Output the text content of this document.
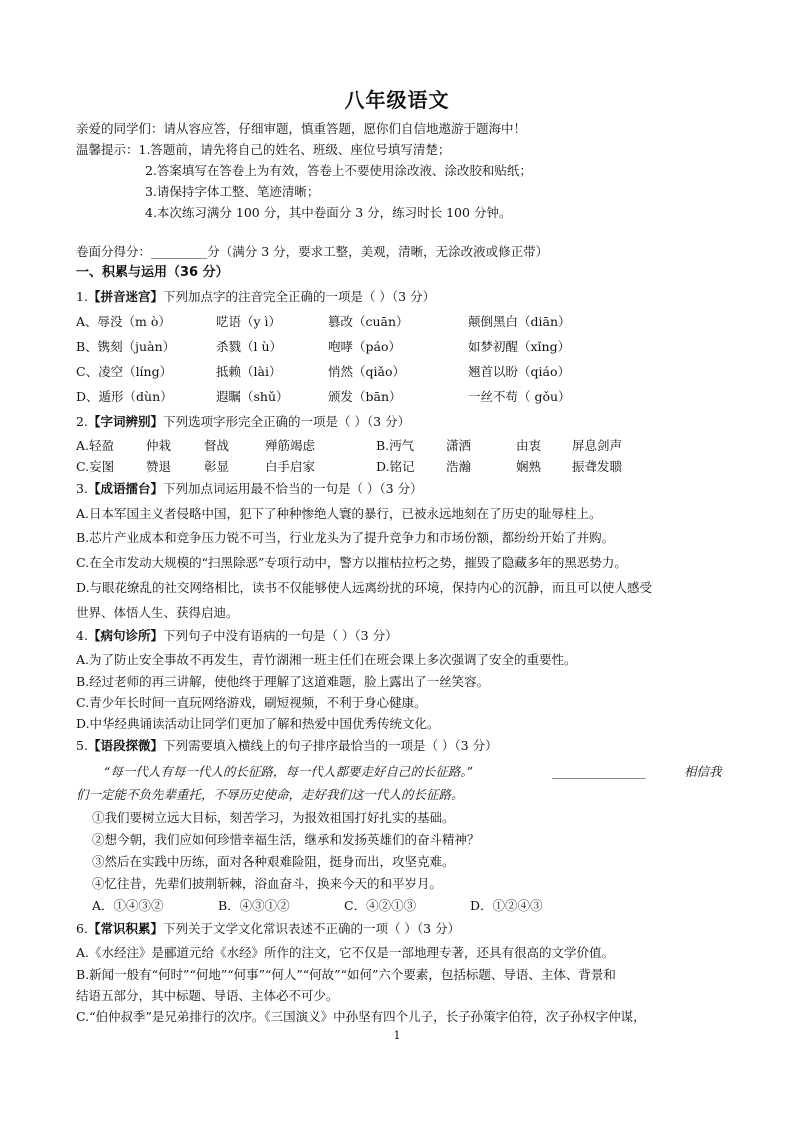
八年级语文
亲爱的同学们：请从容应答，仔细审题，慎重答题，愿你们自信地遨游于题海中！
温馨提示：1.答题前，请先将自己的姓名、班级、座位号填写清楚；
2.答案填写在答卷上为有效，答卷上不要使用涂改液、涂改胶和贴纸；
3.请保持字体工整、笔迹清晰；
4.本次练习满分 100 分，其中卷面分 3 分，练习时长 100 分钟。
卷面分得分：_________分（满分 3 分，要求工整，美观，清晰，无涂改液或修正带）
一、积累与运用（36 分）
1.【拼音迷宫】下列加点字的注音完全正确的一项是（ ）（3 分）
A、辱没（m ò）	呓语（y ì）	篡改（cuān）	颠倒黑白（diān）
B、镌刻（juàn）	杀戮（l ù）	咆哮（páo）	如梦初醒（xǐng）
C、凌空（líng）	抵赖（lài）	悄然（qiǎo）	翘首以盼（qiáo）
D、遁形（dùn）	遐瞩（shǔ）	颁发（bān）	一丝不苟（ gǒu）
2.【字词辨别】下列选项字形完全正确的一项是（ ）（3 分）
A.轻盈	仲栽	督战	殚筋竭虑	B.沔气	潇洒	由衷 屏息剑声
C.妄图	赞退	彰显	白手启家	D.铭记	浩瀚	娴熟 振聋发聩
3.【成语擂台】下列加点词运用最不恰当的一句是（ ）（3 分）
A.日本军国主义者侵略中国，犯下了种种惨绝人寰的暴行，已被永远地刻在了历史的耻辱柱上。
B.芯片产业成本和竞争压力锐不可当，行业龙头为了提升竞争力和市场份额，都纷纷开始了并购。
C.在全市发动大规模的“扫黑除恶”专项行动中，警方以摧枯拉朽之势，摧毁了隐藏多年的黑恶势力。
D.与眼花缭乱的社交网络相比，读书不仅能够使人远离纷扰的环境，保持内心的沉静，而且可以使人感受
世界、体悟人生、获得启迪。
4.【病句诊所】下列句子中没有语病的一句是（ ）（3 分）
A.为了防止安全事故不再发生，青竹湖湘一班主任们在班会课上多次强调了安全的重要性。
B.经过老师的再三讲解，使他终于理解了这道难题，脸上露出了一丝笑容。
C.青少年长时间一直玩网络游戏，刷短视频，不利于身心健康。
D.中华经典诵读活动让同学们更加了解和热爱中国优秀传统文化。
5.【语段探微】下列需要填入横线上的句子排序最恰当的一项是（ ）（3 分）
“每一代人有每一代人的长征路，每一代人都要走好自己的长征路。”	_______________	相信我
们一定能不负先辈重托，不辱历史使命，走好我们这一代人的长征路。
①我们要树立远大目标，刻苦学习，为报效祖国打好扎实的基础。
②想今朝，我们应如何珍惜幸福生活，继承和发扬英雄们的奋斗精神？
③然后在实践中历练，面对各种艰难险阻，挺身而出，攻坚克难。
④忆往昔，先辈们披荆斩棘，浴血奋斗，换来今天的和平岁月。
A．①④③②	B．④③①②	C．④②①③	D．①②④③
6.【常识积累】下列关于文学文化常识表述不正确的一项（ ）（3 分）
A.《水经注》是郦道元给《水经》所作的注文，它不仅是一部地理专著，还具有很高的文学价值。
B.新闻一般有“何时”“何地”“何事”“何人”“何故”“如何”六个要素，包括标题、导语、主体、背景和
结语五部分，其中标题、导语、主体必不可少。
C.“伯仲叔季”是兄弟排行的次序。《三国演义》中孙坚有四个儿子，长子孙策字伯符，次子孙权字仲谋，
1
